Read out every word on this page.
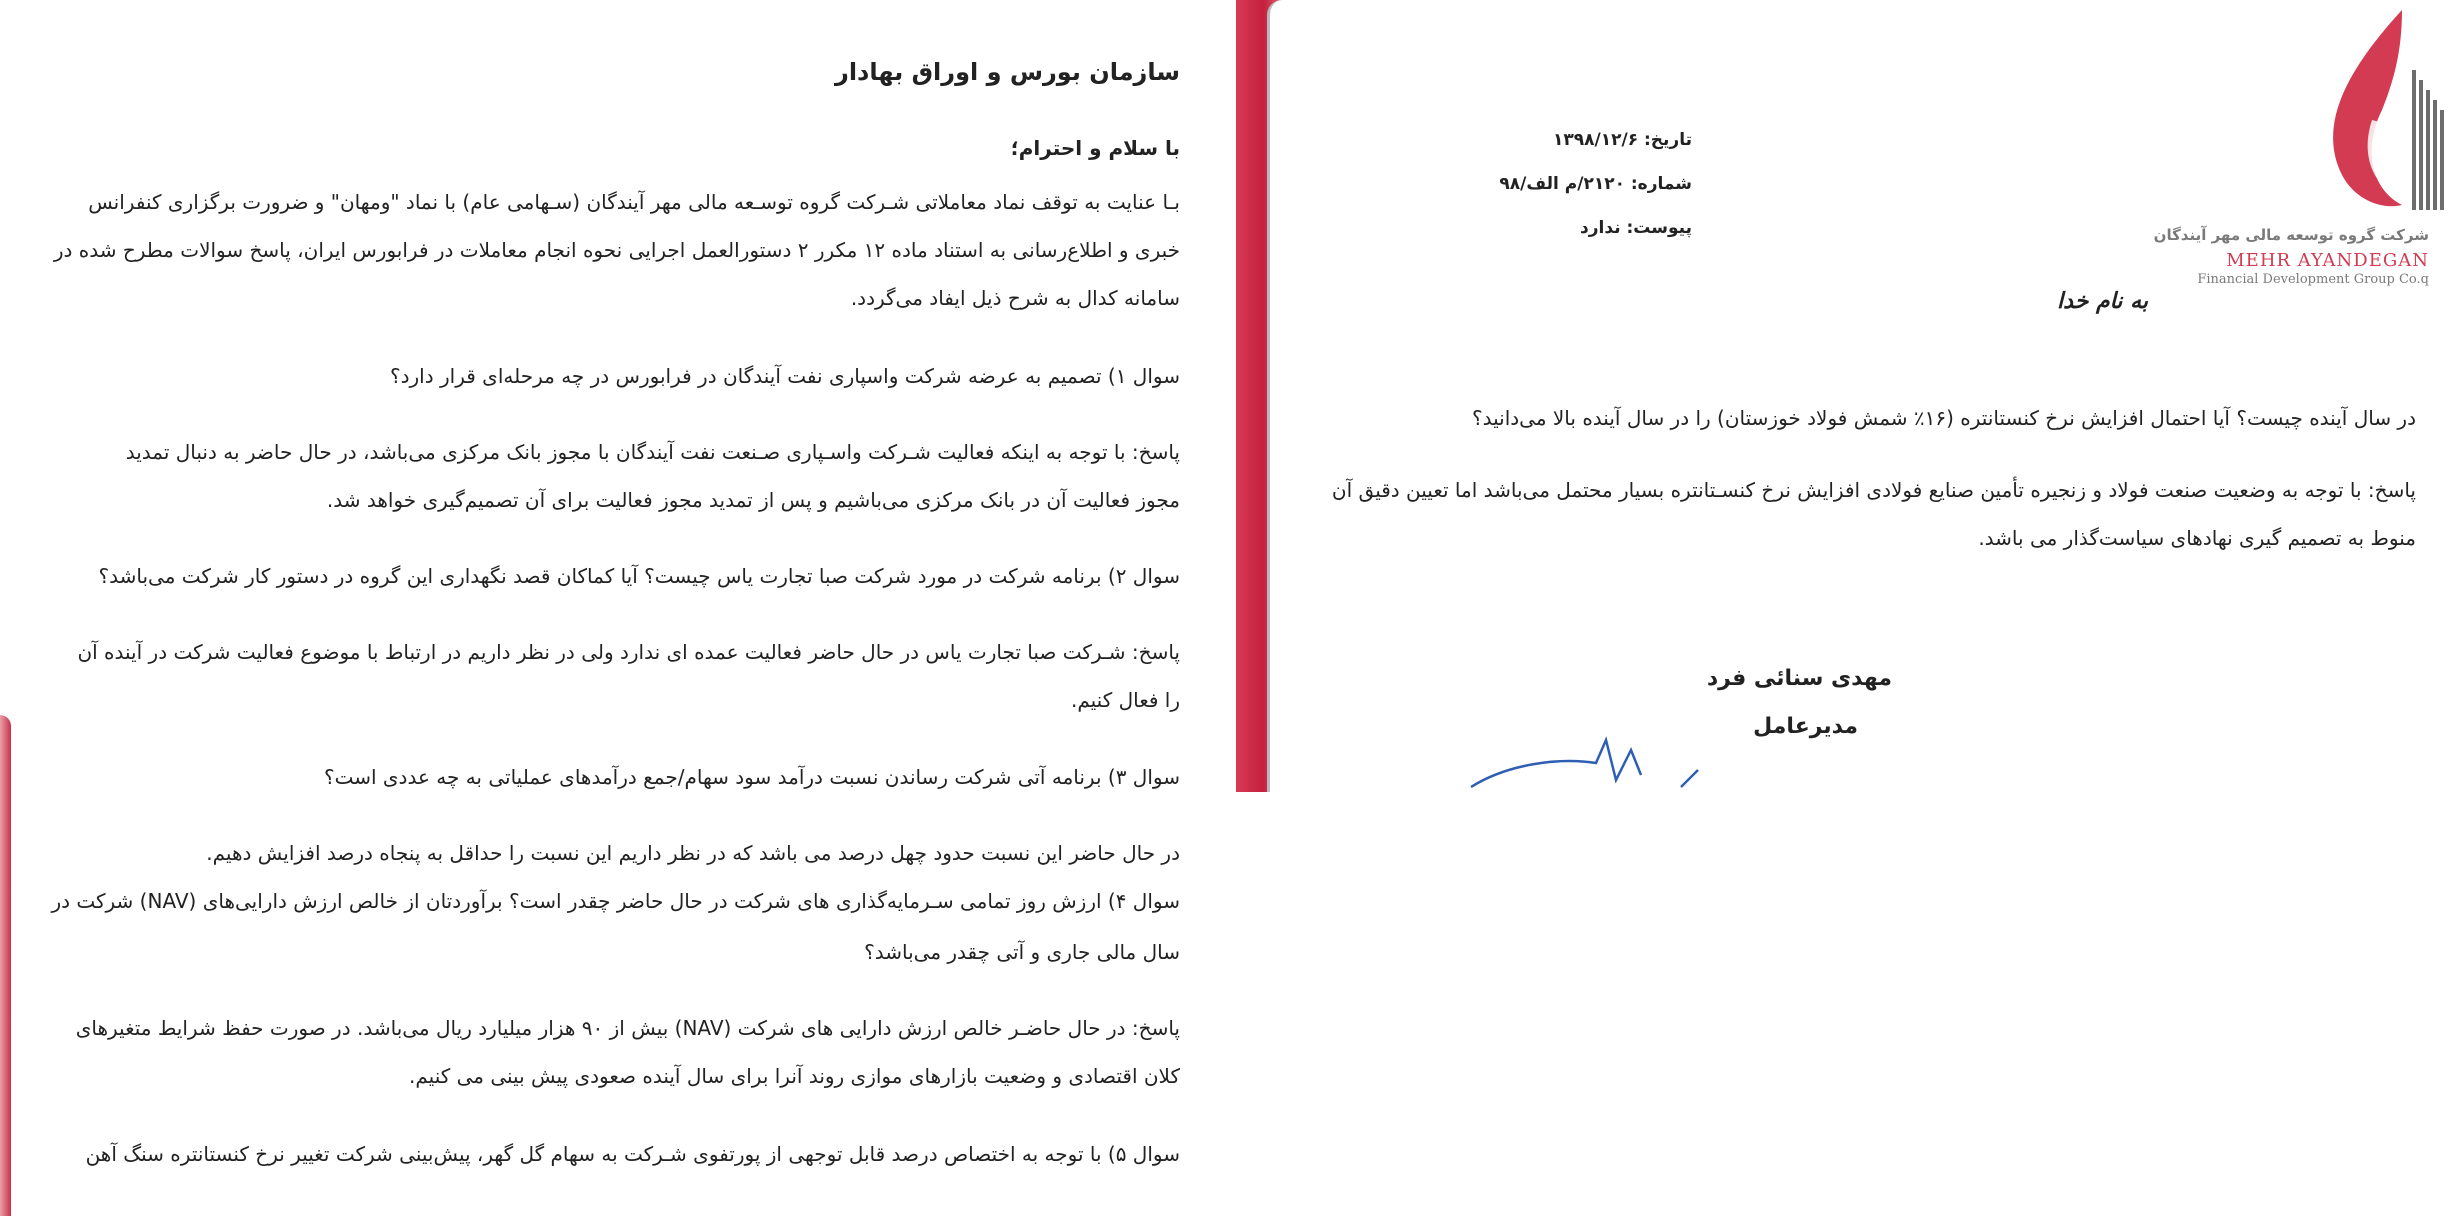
سازمان بورس و اوراق بهادار
با سلام و احترام؛
بـا عنایت به توقف نماد معاملاتی شـرکت گروه توسـعه مالی مهر آیندگان (سـهامی عام) با نماد "ومهان" و ضرورت برگزاری کنفرانس
خبری و اطلاع‌رسانی به استناد ماده ۱۲ مکرر ۲ دستورالعمل اجرایی نحوه انجام معاملات در فرابورس ایران، پاسخ سوالات مطرح شده در
سامانه کدال به شرح ذیل ایفاد می‌گردد.
سوال ۱) تصمیم به عرضه شرکت واسپاری نفت آیندگان در فرابورس در چه مرحله‌ای قرار دارد؟
پاسخ: با توجه به اینکه فعالیت شـرکت واسـپاری صـنعت نفت آیندگان با مجوز بانک مرکزی می‌باشد، در حال حاضر به دنبال تمدید
مجوز فعالیت آن در بانک مرکزی می‌باشیم و پس از تمدید مجوز فعالیت برای آن تصمیم‌گیری خواهد شد.
سوال ۲) برنامه شرکت در مورد شرکت صبا تجارت یاس چیست؟ آیا کماکان قصد نگهداری این گروه در دستور کار شرکت می‌باشد؟
پاسخ: شـرکت صبا تجارت یاس در حال حاضر فعالیت عمده ای ندارد ولی در نظر داریم در ارتباط با موضوع فعالیت شرکت در آینده آن
را فعال کنیم.
سوال ۳) برنامه آتی شرکت رساندن نسبت درآمد سود سهام/جمع درآمدهای عملیاتی به چه عددی است؟
در حال حاضر این نسبت حدود چهل درصد می باشد که در نظر داریم این نسبت را حداقل به پنجاه درصد افزایش دهیم.
سوال ۴) ارزش روز تمامی سـرمایه‌گذاری های شرکت در حال حاضر چقدر است؟ برآوردتان از خالص ارزش دارایی‌های (NAV) شرکت در
سال مالی جاری و آتی چقدر می‌باشد؟
پاسخ: در حال حاضـر خالص ارزش دارایی های شرکت (NAV) بیش از ۹۰ هزار میلیارد ریال می‌باشد. در صورت حفظ شرایط متغیرهای
کلان اقتصادی و وضعیت بازارهای موازی روند آنرا برای سال آینده صعودی پیش بینی می کنیم.
سوال ۵) با توجه به اختصاص درصد قابل توجهی از پورتفوی شـرکت به سهام گل گهر، پیش‌بینی شرکت تغییر نرخ کنستانتره سنگ آهن
شرکت گروه توسعه مالی مهر آیندگان
MEHR AYANDEGAN
Financial Development Group Co.q
تاریخ: ۱۳۹۸/۱۲/۶
شماره: ۲۱۲۰/م الف/۹۸
پیوست: ندارد
به نام خدا
در سال آینده چیست؟ آیا احتمال افزایش نرخ کنستانتره (۱۶٪ شمش فولاد خوزستان) را در سال آینده بالا می‌دانید؟
پاسخ: با توجه به وضعیت صنعت فولاد و زنجیره تأمین صنایع فولادی افزایش نرخ کنسـتانتره بسیار محتمل می‌باشد اما تعیین دقیق آن
منوط به تصمیم گیری نهادهای سیاست‌گذار می باشد.
مهدی سنائی فرد
مدیرعامل
